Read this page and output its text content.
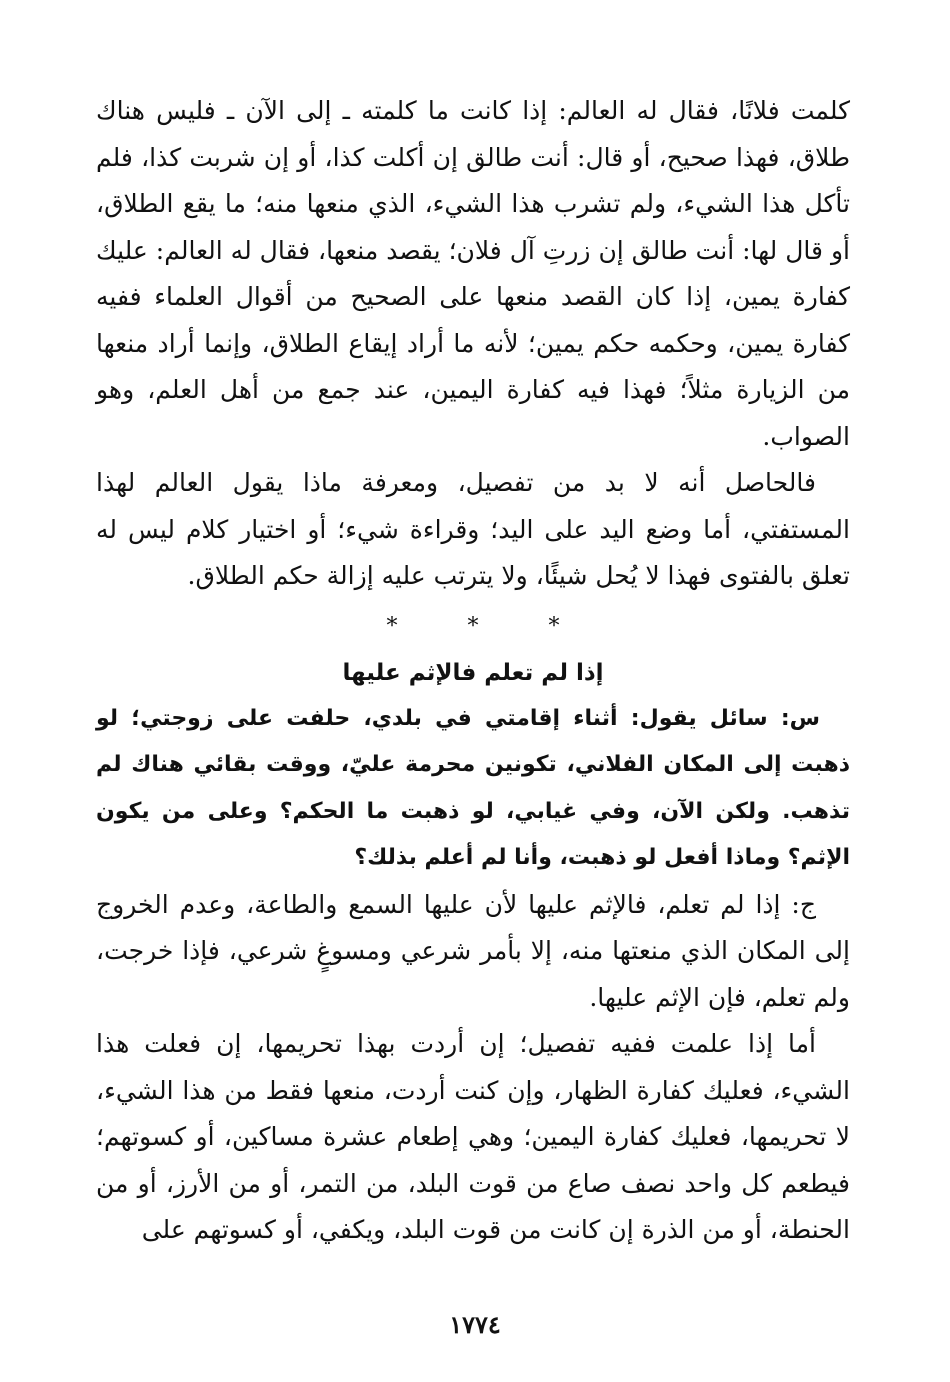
كلمت فلانًا، فقال له العالم: إذا كانت ما كلمته ـ إلى الآن ـ فليس هناك طلاق، فهذا صحيح، أو قال: أنت طالق إن أكلت كذا، أو إن شربت كذا، فلم تأكل هذا الشيء، ولم تشرب هذا الشيء، الذي منعها منه؛ ما يقع الطلاق، أو قال لها: أنت طالق إن زرتِ آل فلان؛ يقصد منعها، فقال له العالم: عليك كفارة يمين، إذا كان القصد منعها على الصحيح من أقوال العلماء ففيه كفارة يمين، وحكمه حكم يمين؛ لأنه ما أراد إيقاع الطلاق، وإنما أراد منعها من الزيارة مثلاً؛ فهذا فيه كفارة اليمين، عند جمع من أهل العلم، وهو الصواب.

فالحاصل أنه لا بد من تفصيل، ومعرفة ماذا يقول العالم لهذا المستفتي، أما وضع اليد على اليد؛ وقراءة شيء؛ أو اختيار كلام ليس له تعلق بالفتوى فهذا لا يُحل شيئًا، ولا يترتب عليه إزالة حكم الطلاق.

*
*
*
إذا لم تعلم فالإثم عليها

س: سائل يقول: أثناء إقامتي في بلدي، حلفت على زوجتي؛ لو ذهبت إلى المكان الفلاني، تكونين محرمة عليّ، ووقت بقائي هناك لم تذهب. ولكن الآن، وفي غيابي، لو ذهبت ما الحكم؟ وعلى من يكون الإثم؟ وماذا أفعل لو ذهبت، وأنا لم أعلم بذلك؟

ج: إذا لم تعلم، فالإثم عليها لأن عليها السمع والطاعة، وعدم الخروج إلى المكان الذي منعتها منه، إلا بأمر شرعي ومسوغٍ شرعي، فإذا خرجت، ولم تعلم، فإن الإثم عليها.

أما إذا علمت ففيه تفصيل؛ إن أردت بهذا تحريمها، إن فعلت هذا الشيء، فعليك كفارة الظهار، وإن كنت أردت، منعها فقط من هذا الشيء، لا تحريمها، فعليك كفارة اليمين؛ وهي إطعام عشرة مساكين، أو كسوتهم؛ فيطعم كل واحد نصف صاع من قوت البلد، من التمر، أو من الأرز، أو من الحنطة، أو من الذرة إن كانت من قوت البلد، ويكفي، أو كسوتهم على

١٧٧٤
